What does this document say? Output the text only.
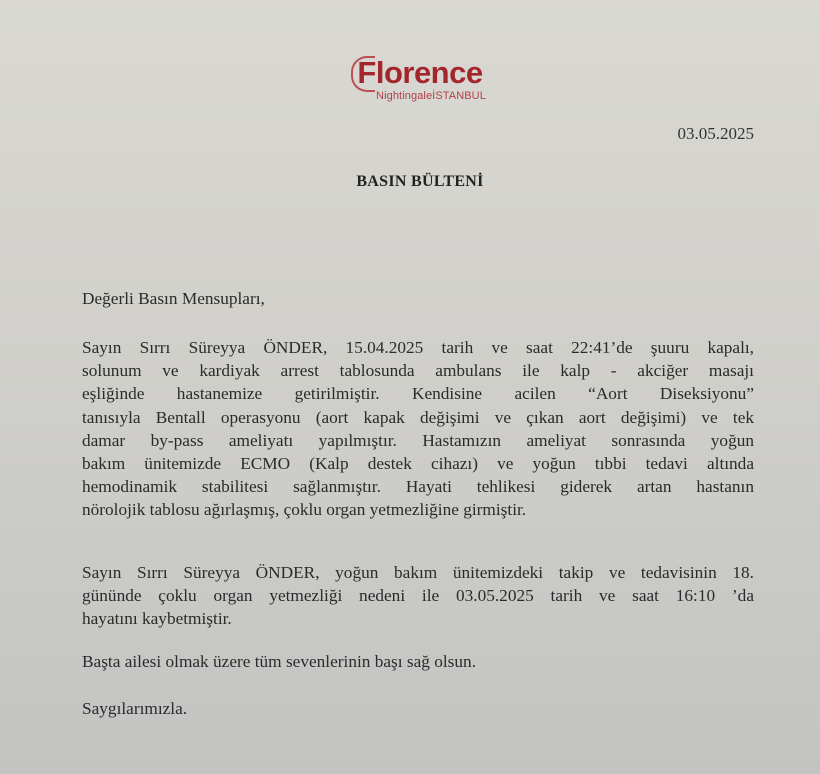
Florence
NightingaleİSTANBUL
03.05.2025
BASIN BÜLTENİ
Değerli Basın Mensupları,
Sayın Sırrı Süreyya ÖNDER, 15.04.2025 tarih ve saat 22:41’de şuuru kapalı,
solunum ve kardiyak arrest tablosunda ambulans ile kalp - akciğer masajı
eşliğinde hastanemize getirilmiştir. Kendisine acilen “Aort Diseksiyonu”
tanısıyla Bentall operasyonu (aort kapak değişimi ve çıkan aort değişimi) ve tek
damar by-pass ameliyatı yapılmıştır. Hastamızın ameliyat sonrasında yoğun
bakım ünitemizde ECMO (Kalp destek cihazı) ve yoğun tıbbi tedavi altında
hemodinamik stabilitesi sağlanmıştır. Hayati tehlikesi giderek artan hastanın
nörolojik tablosu ağırlaşmış, çoklu organ yetmezliğine girmiştir.
Sayın Sırrı Süreyya ÖNDER, yoğun bakım ünitemizdeki takip ve tedavisinin 18.
gününde çoklu organ yetmezliği nedeni ile 03.05.2025 tarih ve saat 16:10 ’da
hayatını kaybetmiştir.
Başta ailesi olmak üzere tüm sevenlerinin başı sağ olsun.
Saygılarımızla.
